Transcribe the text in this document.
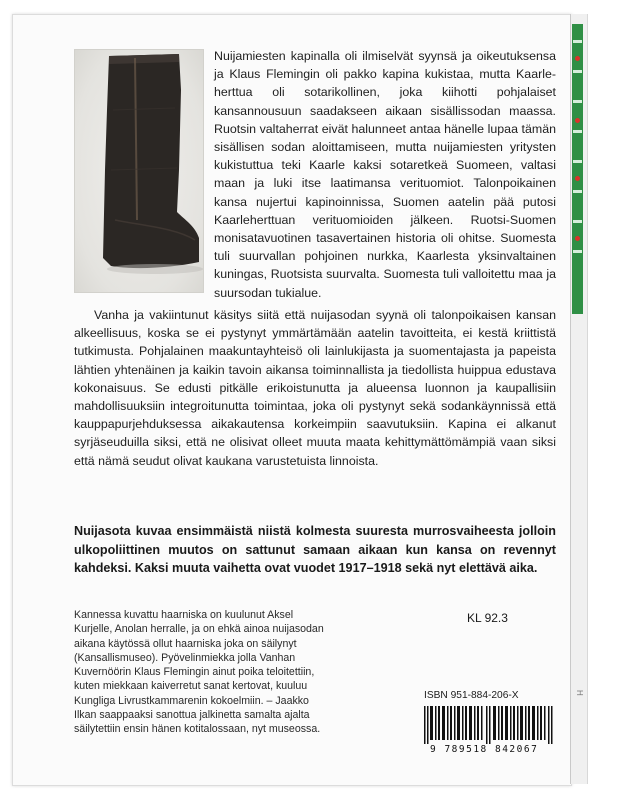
H
Nuijamiesten kapinalla oli ilmiselvät syynsä ja oikeutuksensa ja Klaus Flemingin oli pakko kapina kukistaa, mutta Kaarle-herttua oli sotarikollinen, joka kiihotti pohjalaiset kansannousuun saadakseen aikaan sisällissodan maassa. Ruotsin valtaherrat eivät halunneet antaa hänelle lupaa tämän sisällisen sodan aloittamiseen, mutta nuijamiesten yritysten kukistuttua teki Kaarle kaksi sotaretkeä Suomeen, valtasi maan ja luki itse laatimansa verituomiot. Talonpoikainen kansa nujertui kapinoinnissa, Suomen aatelin pää putosi Kaarleherttuan verituomioiden jälkeen. Ruotsi-Suomen monisatavuotinen tasavertainen historia oli ohitse. Suomesta tuli suurvallan pohjoinen nurkka, Kaarlesta yksinvaltainen kuningas, Ruotsista suurvalta. Suomesta tuli valloitettu maa ja suursodan tukialue.

Vanha ja vakiintunut käsitys siitä että nuijasodan syynä oli talonpoikaisen kansan alkeellisuus, koska se ei pystynyt ymmärtämään aatelin tavoitteita, ei kestä kriittistä tutkimusta. Pohjalainen maakuntayhteisö oli lainlukijasta ja suomentajasta ja papeista lähtien yhtenäinen ja kaikin tavoin aikansa toiminnallista ja tiedollista huippua edustava kokonaisuus. Se edusti pitkälle erikoistunutta ja alueensa luonnon ja kaupallisiin mahdollisuuksiin integroitunutta toimintaa, joka oli pystynyt sekä sodankäynnissä että kauppapurjehduksessa aikakautensa korkeimpiin saavutuksiin. Kapina ei alkanut syrjäseuduilla siksi, että ne olisivat olleet muuta maata kehittymättömämpiä vaan siksi että nämä seudut olivat kaukana varustetuista linnoista.

Nuijasota kuvaa ensimmäistä niistä kolmesta suuresta murrosvaiheesta jolloin ulkopoliittinen muutos on sattunut samaan aikaan kun kansa on revennyt kahdeksi. Kaksi muuta vaihetta ovat vuodet 1917–1918 sekä nyt elettävä aika.

Kannessa kuvattu haarniska on kuulunut Aksel Kurjelle, Anolan herralle, ja on ehkä ainoa nuijasodan aikana käytössä ollut haarniska joka on säilynyt (Kansallismuseo). Pyövelinmiekka jolla Vanhan Kuvernöörin Klaus Flemingin ainut poika teloitettiin, kuten miekkaan kaiverretut sanat kertovat, kuuluu Kungliga Livrustkammarenin kokoelmiin. – Jaakko Ilkan saappaaksi sanottua jalkinetta samalta ajalta säilytettiin ensin hänen kotitalossaan, nyt museossa.

KL 92.3
ISBN 951-884-206-X
9 789518 842067
